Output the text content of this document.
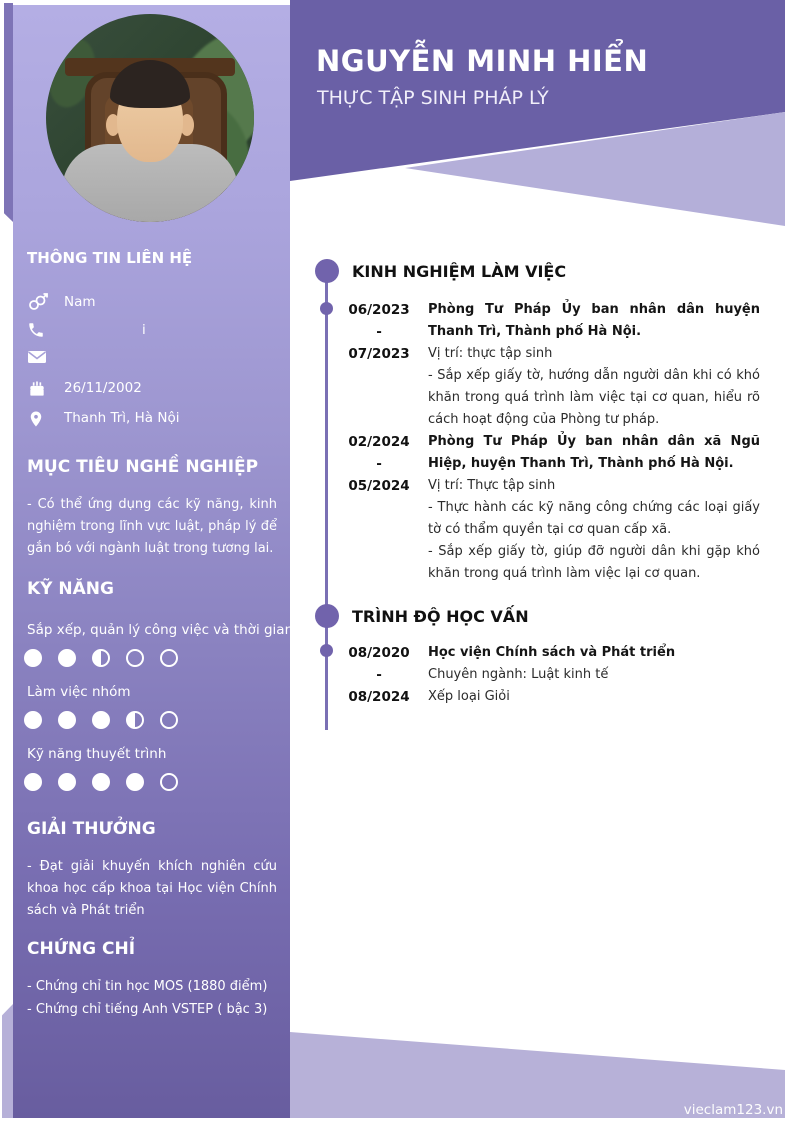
THÔNG TIN LIÊN HỆ
Nam
i
26/11/2002
Thanh Trì, Hà Nội
MỤC TIÊU NGHỀ NGHIỆP

- Có thể ứng dụng các kỹ năng, kinh nghiệm trong lĩnh vực luật, pháp lý để gắn bó với ngành luật trong tương lai.

KỸ NĂNG
Sắp xếp, quản lý công việc và thời gian
Làm việc nhóm
Kỹ năng thuyết trình
GIẢI THƯỞNG

- Đạt giải khuyến khích nghiên cứu khoa học cấp khoa tại Học viện Chính sách và Phát triển

CHỨNG CHỈ
- Chứng chỉ tin học MOS (1880 điểm)
- Chứng chỉ tiếng Anh VSTEP ( bậc 3)
NGUYỄN MINH HIỂN
THỰC TẬP SINH PHÁP LÝ
KINH NGHIỆM LÀM VIỆC
06/2023
-
07/2023
Phòng Tư Pháp Ủy ban nhân dân huyện Thanh Trì, Thành phố Hà Nội.
Vị trí: thực tập sinh
- Sắp xếp giấy tờ, hướng dẫn người dân khi có khó khăn trong quá trình làm việc tại cơ quan, hiểu rõ cách hoạt động của Phòng tư pháp.
02/2024
-
05/2024
Phòng Tư Pháp Ủy ban nhân dân xã Ngũ Hiệp, huyện Thanh Trì, Thành phố Hà Nội.
Vị trí: Thực tập sinh
- Thực hành các kỹ năng công chứng các loại giấy tờ có thẩm quyền tại cơ quan cấp xã.
- Sắp xếp giấy tờ, giúp đỡ người dân khi gặp khó khăn trong quá trình làm việc lại cơ quan.
TRÌNH ĐỘ HỌC VẤN
08/2020
-
08/2024
Học viện Chính sách và Phát triển
Chuyên ngành: Luật kinh tế
Xếp loại Giỏi
vieclam123.vn
